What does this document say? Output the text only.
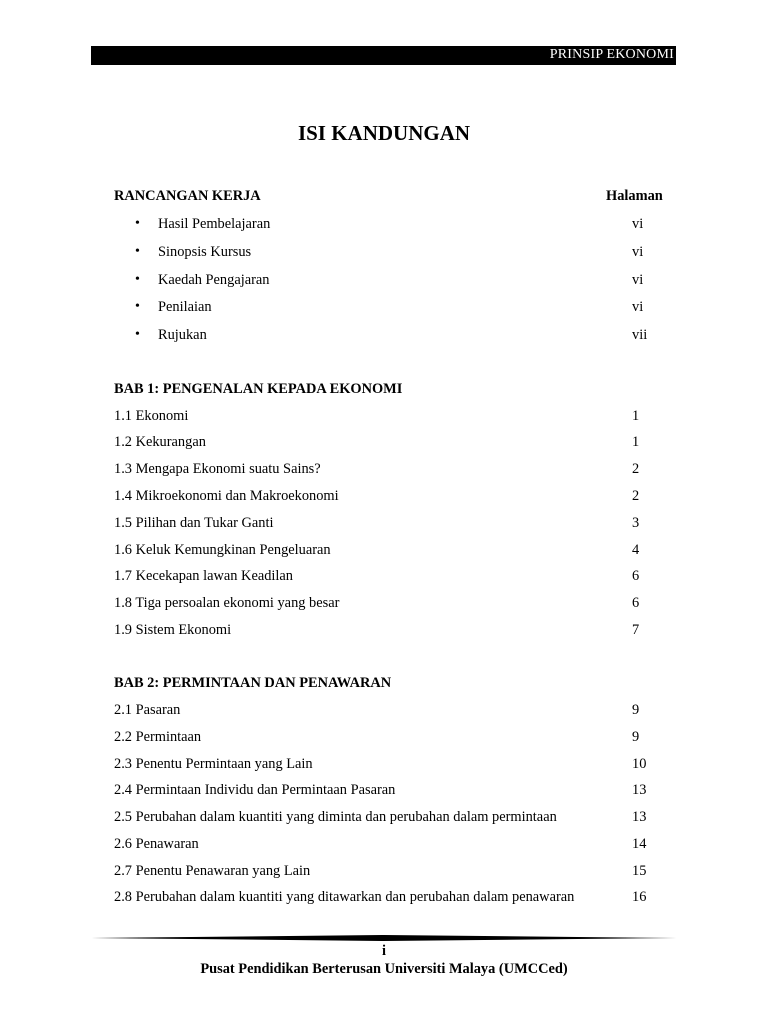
PRINSIP EKONOMI
ISI KANDUNGAN
RANCANGAN KERJA	Halaman
• Hasil Pembelajaran	vi
• Sinopsis Kursus	vi
• Kaedah Pengajaran	vi
• Penilaian	vi
• Rujukan	vii
BAB 1: PENGENALAN KEPADA EKONOMI
1.1 Ekonomi	1
1.2 Kekurangan	1
1.3 Mengapa Ekonomi suatu Sains?	2
1.4 Mikroekonomi dan Makroekonomi	2
1.5 Pilihan dan Tukar Ganti	3
1.6 Keluk Kemungkinan Pengeluaran	4
1.7 Kecekapan lawan Keadilan	6
1.8 Tiga persoalan ekonomi yang besar	6
1.9 Sistem Ekonomi	7
BAB 2: PERMINTAAN DAN PENAWARAN
2.1 Pasaran	9
2.2 Permintaan	9
2.3 Penentu Permintaan yang Lain	10
2.4 Permintaan Individu dan Permintaan Pasaran	13
2.5 Perubahan dalam kuantiti yang diminta dan perubahan dalam permintaan	13
2.6 Penawaran	14
2.7 Penentu Penawaran yang Lain	15
2.8 Perubahan dalam kuantiti yang ditawarkan dan perubahan dalam penawaran	16
i
Pusat Pendidikan Berterusan Universiti Malaya (UMCCed)
